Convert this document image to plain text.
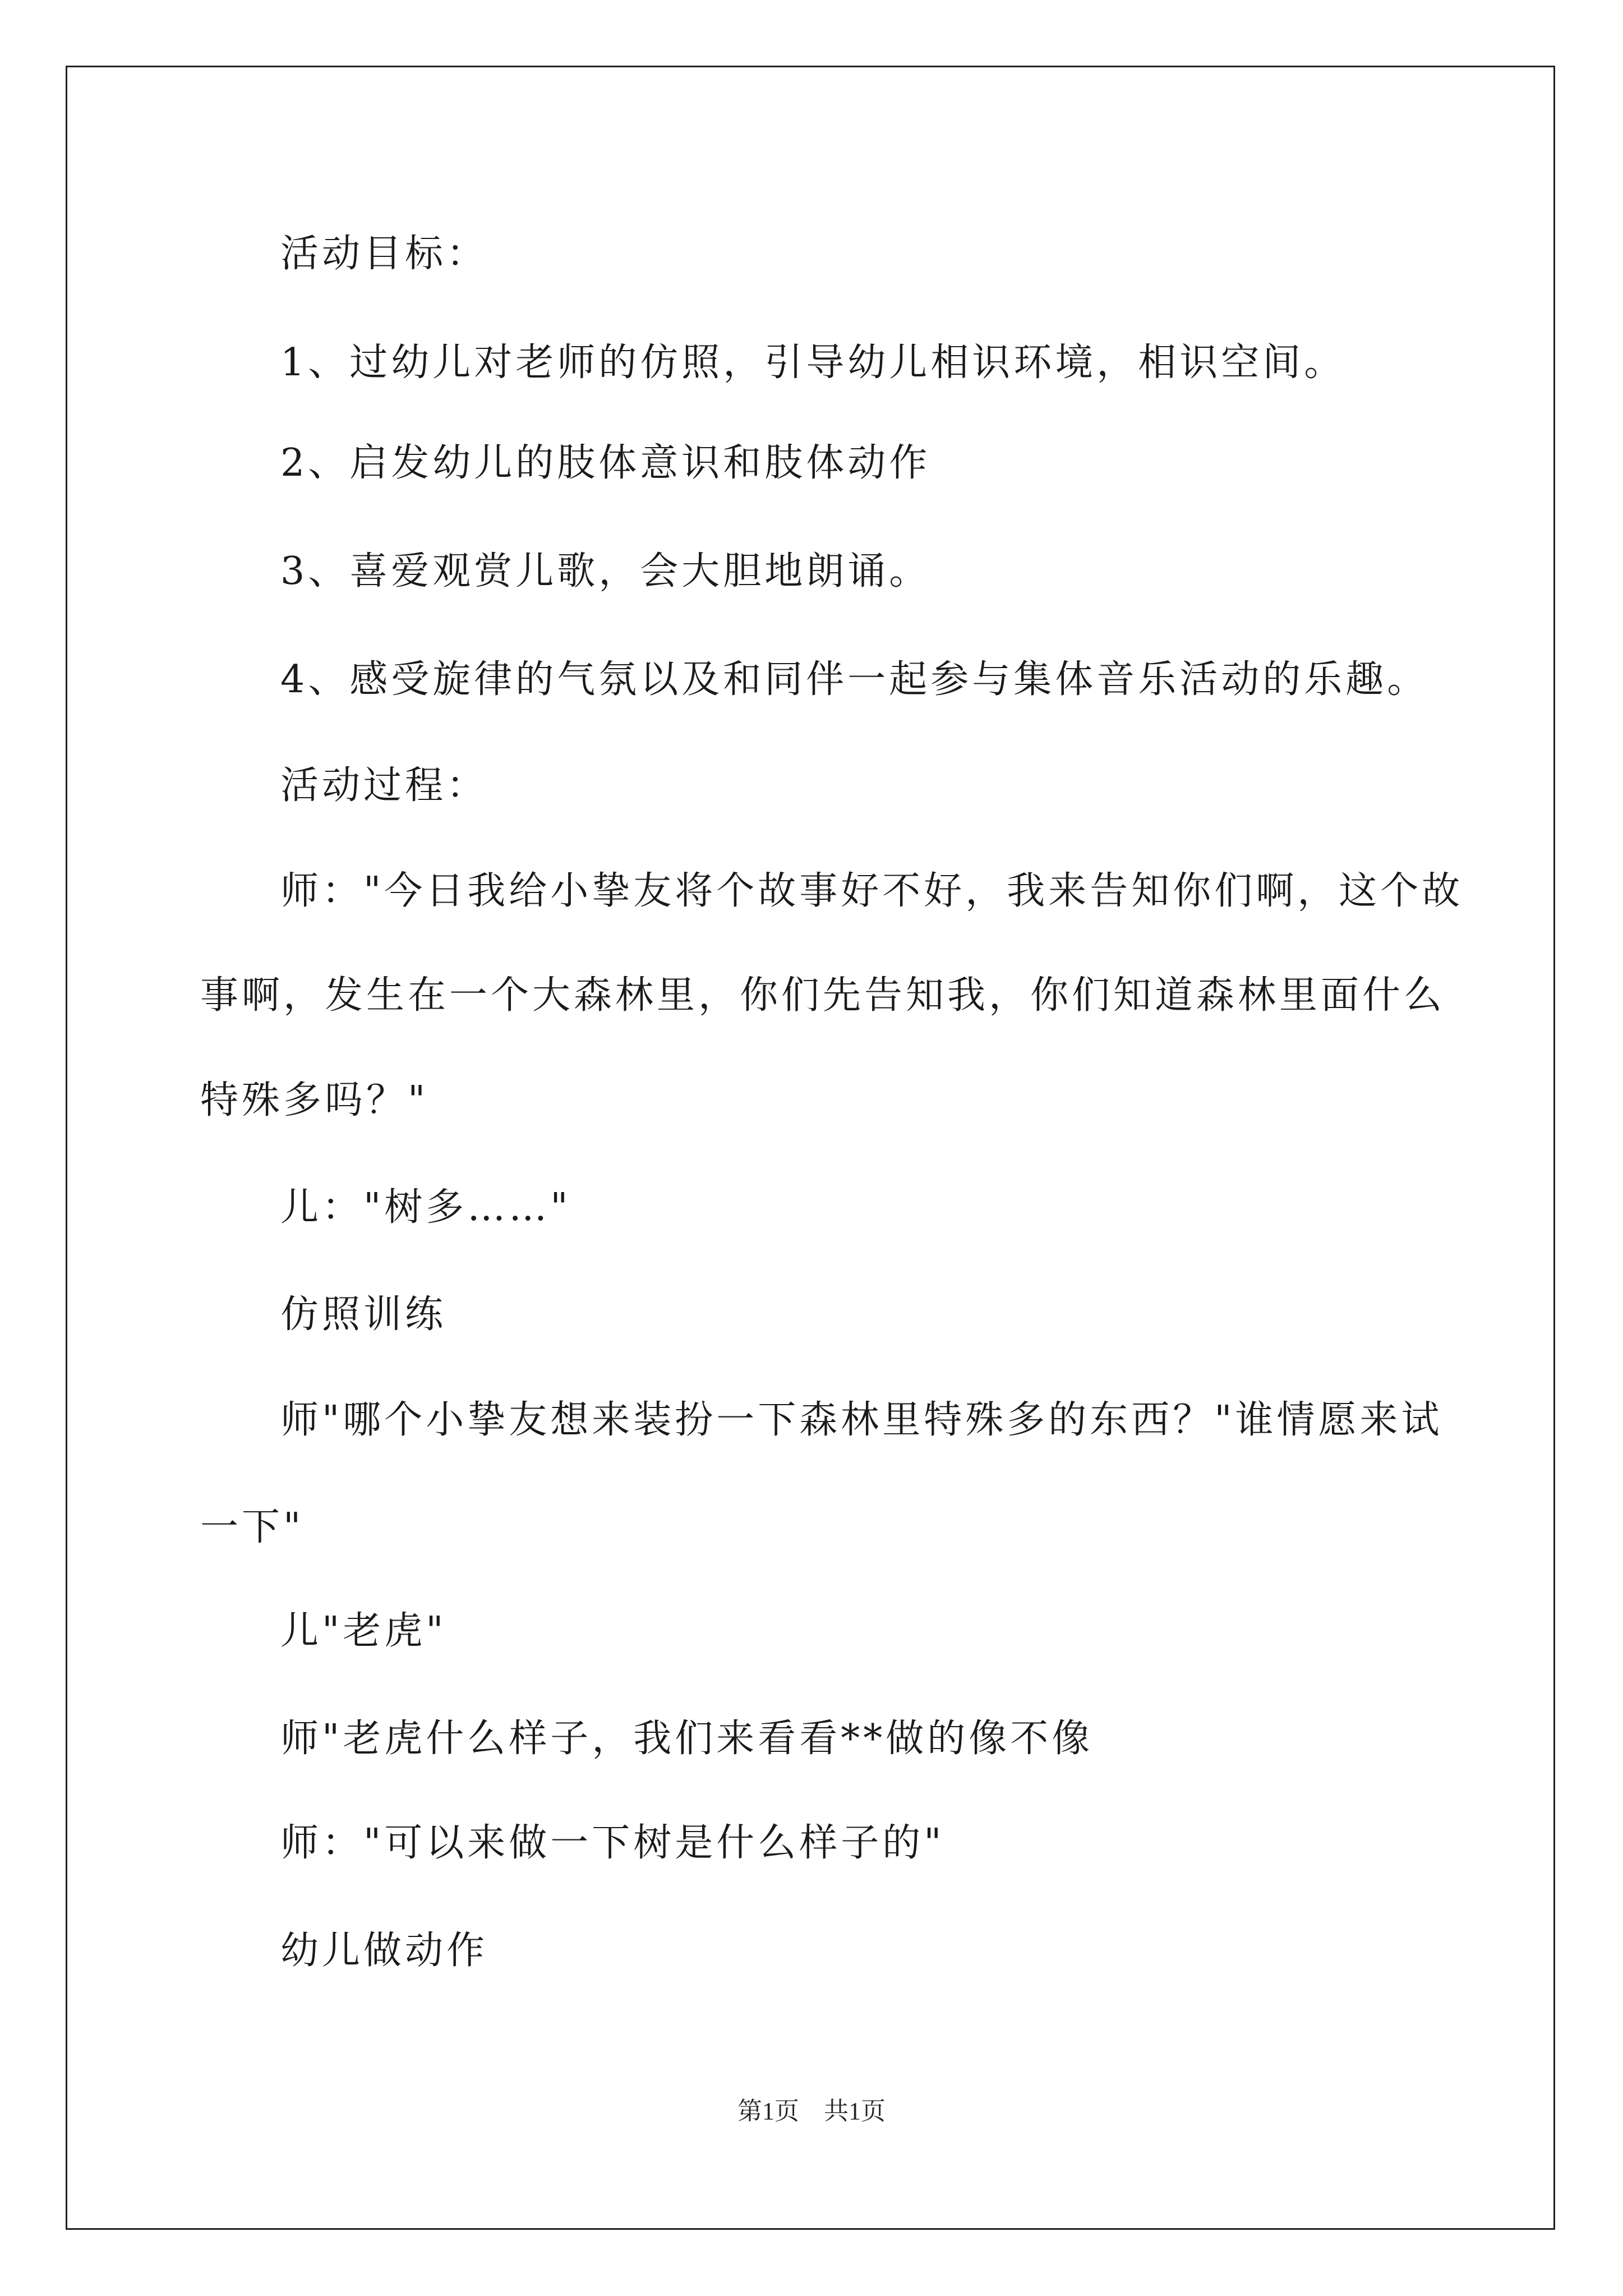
活动目标：
1、过幼儿对老师的仿照，引导幼儿相识环境，相识空间。
2、启发幼儿的肢体意识和肢体动作
3、喜爱观赏儿歌，会大胆地朗诵。
4、感受旋律的气氛以及和同伴一起参与集体音乐活动的乐趣。
活动过程：
师："今日我给小挚友将个故事好不好，我来告知你们啊，这个故
事啊，发生在一个大森林里，你们先告知我，你们知道森林里面什么
特殊多吗？"
儿："树多……"
仿照训练
师"哪个小挚友想来装扮一下森林里特殊多的东西？"谁情愿来试
一下"
儿"老虎"
师"老虎什么样子，我们来看看**做的像不像
师："可以来做一下树是什么样子的"
幼儿做动作
第1页　共1页
